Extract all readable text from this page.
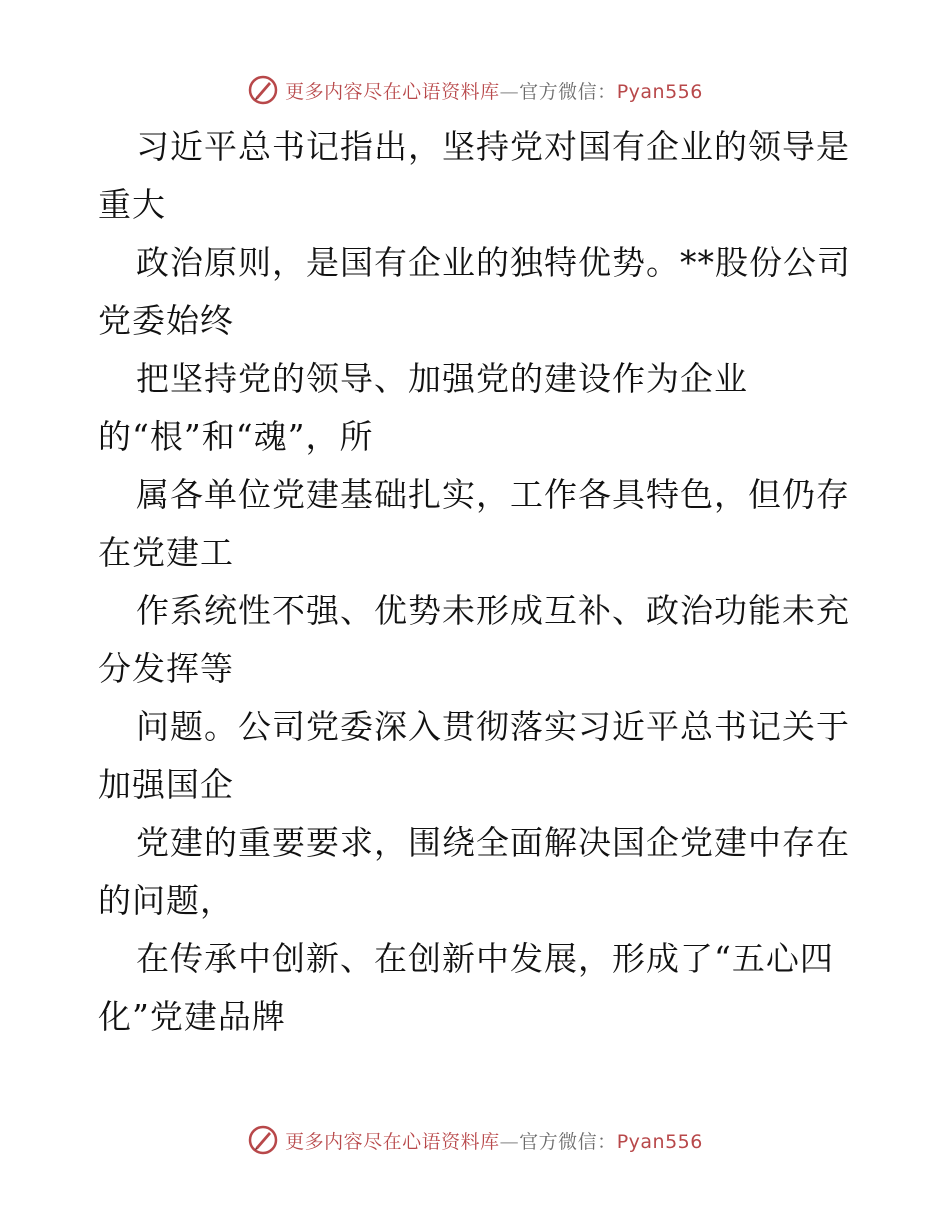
更多内容尽在心语资料库—官方微信：Pyan556
习近平总书记指出，坚持党对国有企业的领导是
重大
政治原则，是国有企业的独特优势。**股份公司
党委始终
把坚持党的领导、加强党的建设作为企业
的“根”和“魂”，所
属各单位党建基础扎实，工作各具特色，但仍存
在党建工
作系统性不强、优势未形成互补、政治功能未充
分发挥等
问题。公司党委深入贯彻落实习近平总书记关于
加强国企
党建的重要要求，围绕全面解决国企党建中存在
的问题，
在传承中创新、在创新中发展，形成了“五心四
化”党建品牌
更多内容尽在心语资料库—官方微信：Pyan556
